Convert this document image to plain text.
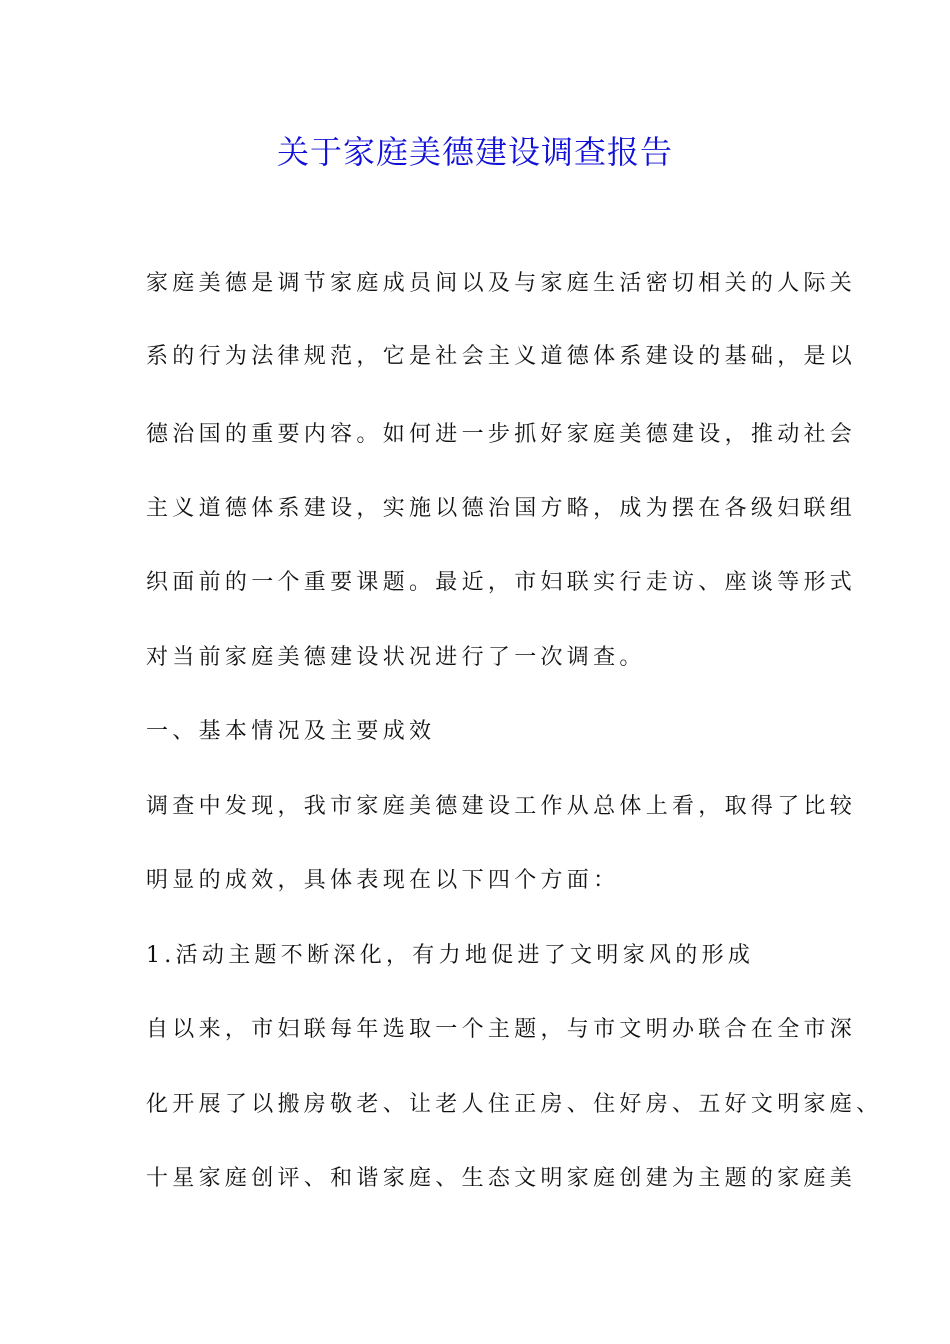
关于家庭美德建设调查报告
家庭美德是调节家庭成员间以及与家庭生活密切相关的人际关
系的行为法律规范，它是社会主义道德体系建设的基础，是以
德治国的重要内容。如何进一步抓好家庭美德建设，推动社会
主义道德体系建设，实施以德治国方略，成为摆在各级妇联组
织面前的一个重要课题。最近，市妇联实行走访、座谈等形式
对当前家庭美德建设状况进行了一次调查。
一、基本情况及主要成效
调查中发现，我市家庭美德建设工作从总体上看，取得了比较
明显的成效，具体表现在以下四个方面：
1.活动主题不断深化，有力地促进了文明家风的形成
自以来，市妇联每年选取一个主题，与市文明办联合在全市深
化开展了以搬房敬老、让老人住正房、住好房、五好文明家庭、
十星家庭创评、和谐家庭、生态文明家庭创建为主题的家庭美
